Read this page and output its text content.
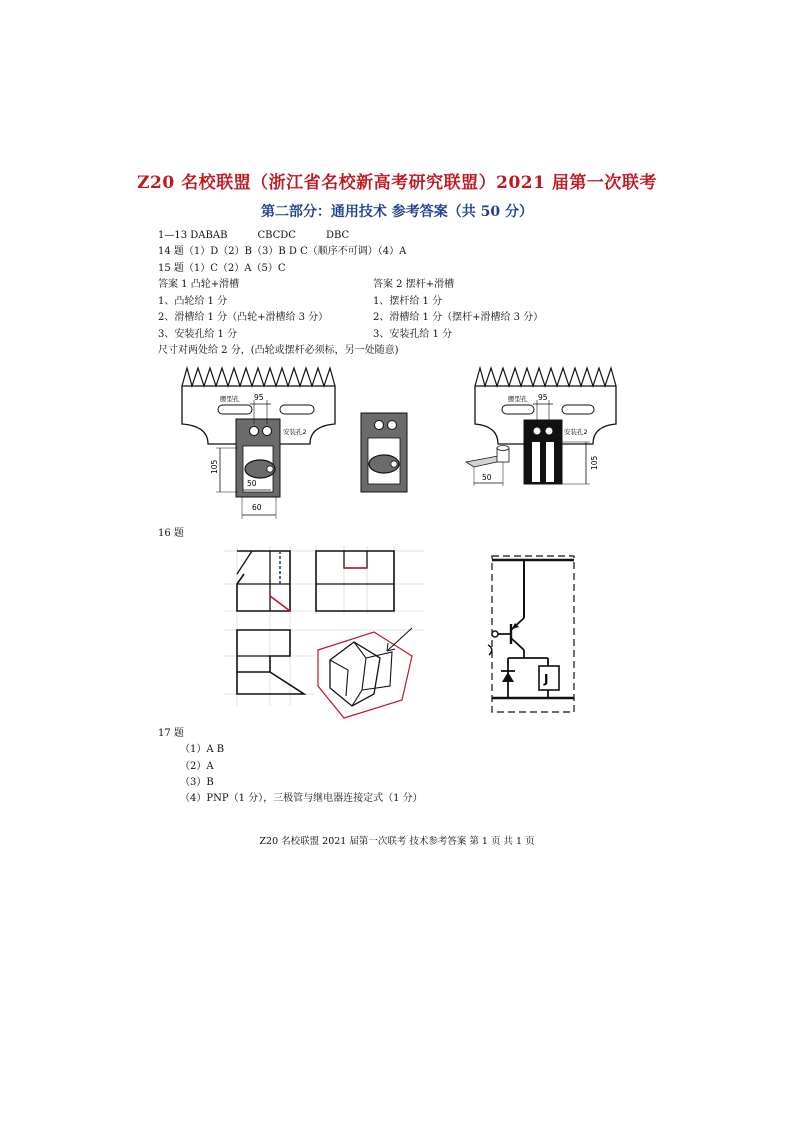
Z20 名校联盟（浙江省名校新高考研究联盟）2021 届第一次联考
第二部分：通用技术 参考答案（共 50 分）
1—13 DABAB	CBCDC	DBC
14 题（1）D（2）B（3）B D C（顺序不可调）（4）A
15 题（1）C（2）A（5）C
答案 1 凸轮+滑槽
1、凸轮给 1 分
2、滑槽给 1 分（凸轮+滑槽给 3 分）
3、安装孔给 1 分
答案 2 摆杆+滑槽
1、摆杆给 1 分
2、滑槽给 1 分（摆杆+滑槽给 3 分）
3、安装孔给 1 分
尺寸对两处给 2 分，(凸轮或摆杆必须标，另一处随意)
腰型孔
安装孔2
95
105
50
60
腰型孔
安装孔2
95
105
50
16 题
J
17 题
（1）A B
（2）A
（3）B
（4）PNP（1 分），三极管与继电器连接定式（1 分）
Z20 名校联盟 2021 届第一次联考 技术参考答案 第 1 页 共 1 页
